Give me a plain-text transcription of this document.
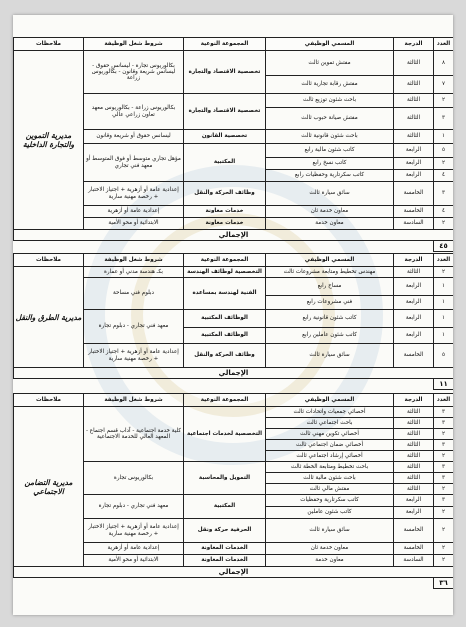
العدد	الدرجة	المسمي الوظيفي	المجموعة النوعية	شروط شغل الوظيفة	ملاحظات
٨	الثالثة	مفتش تموين ثالث	تخصصية الاقتصاد والتجارة	بكالوريوس تجارة - ليسانس حقوق - ليسانس شريعة وقانون - بكالوريوس زراعة	مديرية التموين والتجارة الداخلية
٧	الثالثة	مفتش رقابة تجارية ثالث			
٢	الثالثة	باحث شئون توزيع ثالث	تخصصية الاقتصاد والتجارة	بكالوريوس زراعة - بكالوريوس معهد تعاون زراعي عالي	
٣	الثالثة	مفتش صيانة حبوب ثالث			
١	الثالثة	باحث شئون قانونية ثالث	تخصصية القانون	ليسانس حقوق أو شريعة وقانون	
٥	الرابعة	كاتب شئون مالية رابع	المكتبية	مؤهل تجاري متوسط أو فوق المتوسط أو معهد فني تجاري	
٢	الرابعة	كاتب نسخ رابع			
٤	الرابعة	كاتب سكرتارية وحفظيات رابع			
٣	الخامسة	سائق سيارة ثالث	وظائف الحركة والنقل	إعدادية عامة أو أزهرية + اجتياز الاختبار + رخصة مهنية سارية	
٤	الخامسة	معاون خدمة ثان	خدمات معاونة	إعدادية عامة أو أزهرية	
٢	السادسة	معاون خدمة	خدمات معاونة	الابتدائية أو محو الأمية	
الإجمالي					
٤٥					
العدد	الدرجة	المسمي الوظيفي	المجموعة النوعية	شروط شغل الوظيفة	ملاحظات
٢	الثالثة	مهندس تخطيط ومتابعة مشروعات ثالث	التخصصية لوظائف الهندسة	بكـ هندسة مدني أو عمارة	مديرية الطرق والنقل
١	الرابعة	مساح رابع	الفنية لهندسة بمساعدة	دبلوم فني مساحة	
١	الرابعة	فني مشروعات رابع			
١	الرابعة	كاتب شئون قانونية رابع	الوظائف المكتبية	معهد فني تجاري - دبلوم تجارة	
١	الرابعة	كاتب شئون عاملين رابع	الوظائف المكتبية		
٥	الخامسة	سائق سيارة ثالث	وظائف الحركة والنقل	إعدادية عامة أو أزهرية + اجتياز الاختبار + رخصة مهنية سارية	
الإجمالي					
١١					
العدد	الدرجة	المسمي الوظيفي	المجموعة النوعية	شروط شغل الوظيفة	ملاحظات
٣	الثالثة	أخصائي جمعيات واتحادات ثالث	التخصصية لخدمات اجتماعية	كلية خدمة اجتماعية - آداب قسم اجتماع - المعهد العالي للخدمة الاجتماعية	مديرية التضامن الاجتماعي
٣	الثالثة	باحث اجتماعي ثالث			
٢	الثالثة	أخصائي تكوين مهني ثالث			
٣	الثالثة	أخصائي ضمان اجتماعي ثالث			
٢	الثالثة	أخصائي إرشاد اجتماعي ثالث			
٣	الثالثة	باحث تخطيط ومتابعة الخطة ثالث	التمويل والمحاسبة	بكالوريوس تجارة	
٣	الثالثة	باحث شئون مالية ثالث			
٢	الثالثة	مفتش مالي ثالث			
٣	الرابعة	كاتب سكرتارية وحفظيات	المكتبية	معهد فني تجاري - دبلوم تجارة	
٢	الرابعة	كاتب شئون عاملين			
٢	الخامسة	سائق سيارة ثالث	الحرفية حركة ونقل	إعدادية عامة أو أزهرية + اجتياز الاختبار + رخصة مهنية سارية	
٢	الخامسة	معاون خدمة ثان	الخدمات المعاونة	إعدادية عامة أو أزهرية	
٢	السادسة	معاون خدمة	الخدمات المعاونة	الابتدائية أو محو الأمية	
الإجمالي					
٣٦					
